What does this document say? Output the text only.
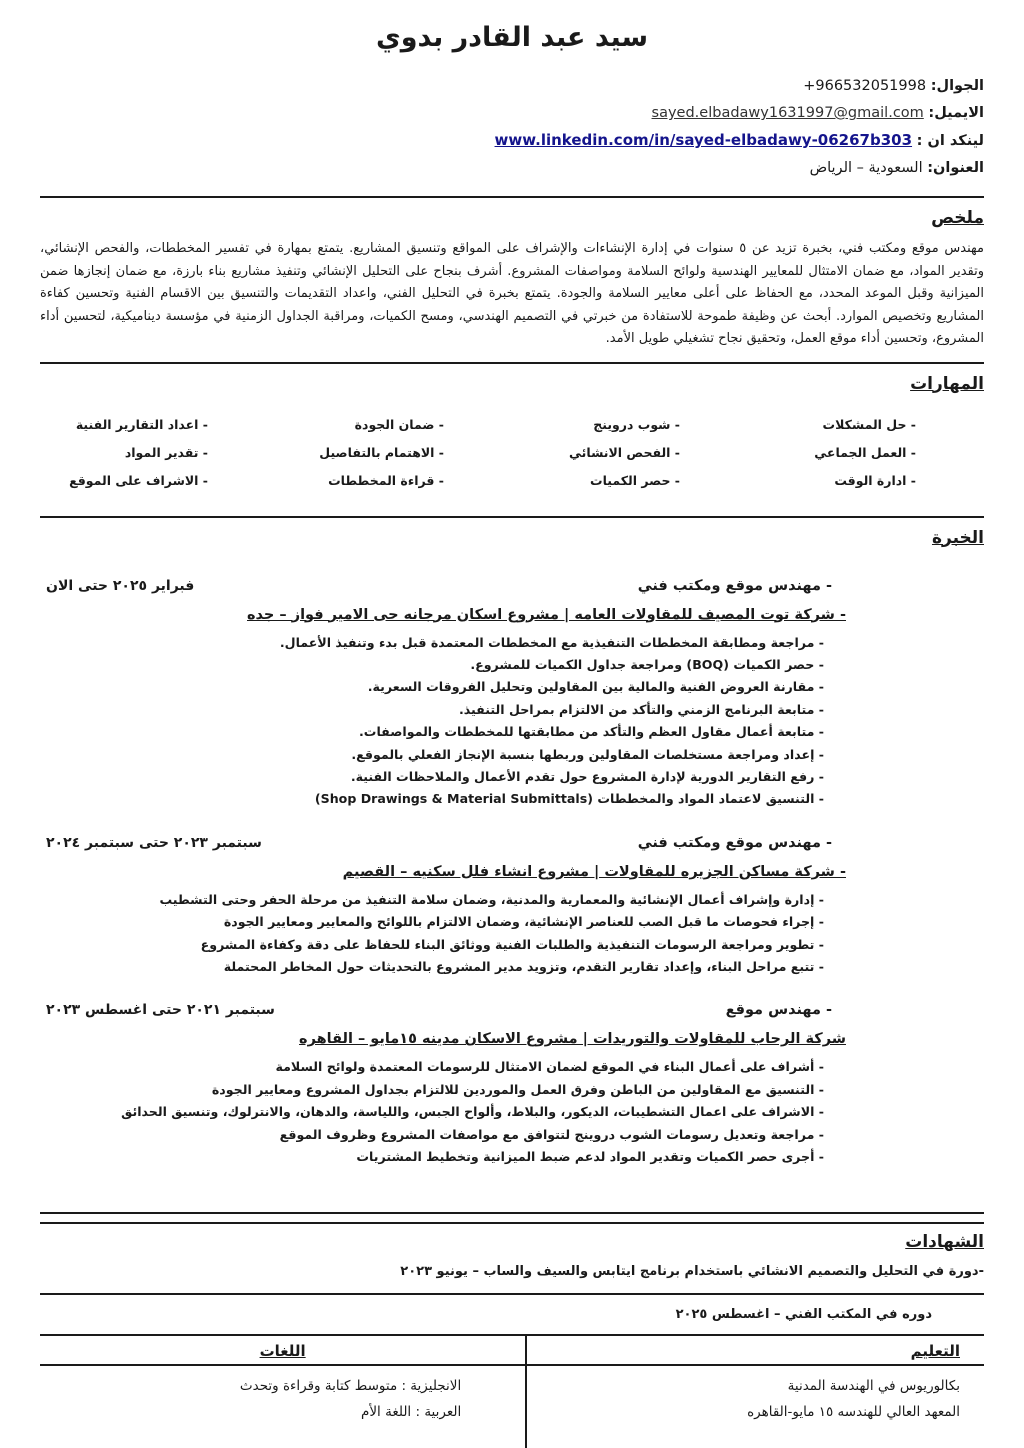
سيد عبد القادر بدوي
الجوال: +966532051998
الايميل: sayed.elbadawy1631997@gmail.com
لينكد ان : www.linkedin.com/in/sayed-elbadawy-06267b303
العنوان: السعودية – الرياض
ملخص

مهندس موقع ومكتب فني، بخبرة تزيد عن ٥ سنوات في إدارة الإنشاءات والإشراف على المواقع وتنسيق المشاريع. يتمتع بمهارة في تفسير المخططات، والفحص الإنشائي، وتقدير المواد، مع ضمان الامتثال للمعايير الهندسية ولوائح السلامة ومواصفات المشروع. أشرف بنجاح على التحليل الإنشائي وتنفيذ مشاريع بناء بارزة، مع ضمان إنجازها ضمن الميزانية وقبل الموعد المحدد، مع الحفاظ على أعلى معايير السلامة والجودة. يتمتع بخبرة في التحليل الفني، واعداد التقديمات والتنسيق بين الاقسام الفنية وتحسين كفاءة المشاريع وتخصيص الموارد. أبحث عن وظيفة طموحة للاستفادة من خبرتي في التصميم الهندسي، ومسح الكميات، ومراقبة الجداول الزمنية في مؤسسة ديناميكية، لتحسين أداء المشروع، وتحسين أداء موقع العمل، وتحقيق نجاح تشغيلي طويل الأمد.

المهارات
- حل المشكلات
- شوب دروينج
- ضمان الجودة
- اعداد التقارير الفنية
- العمل الجماعي
- الفحص الانشائي
- الاهتمام بالتفاصيل
- تقدير المواد
- ادارة الوقت
- حصر الكميات
- قراءة المخططات
- الاشراف على الموقع
الخبرة
- مهندس موقع ومكتب فني
فبراير ٢٠٢٥ حتى الان
- شركة توت المصيف للمقاولات العامه | مشروع اسكان مرجانه حى الامير فواز – جده
- مراجعة ومطابقة المخططات التنفيذية مع المخططات المعتمدة قبل بدء وتنفيذ الأعمال.
- حصر الكميات (BOQ) ومراجعة جداول الكميات للمشروع.
- مقارنة العروض الفنية والمالية بين المقاولين وتحليل الفروقات السعرية.
- متابعة البرنامج الزمني والتأكد من الالتزام بمراحل التنفيذ.
- متابعة أعمال مقاول العظم والتأكد من مطابقتها للمخططات والمواصفات.
- إعداد ومراجعة مستخلصات المقاولين وربطها بنسبة الإنجاز الفعلي بالموقع.
- رفع التقارير الدورية لإدارة المشروع حول تقدم الأعمال والملاحظات الفنية.
- التنسيق لاعتماد المواد والمخططات (Shop Drawings & Material Submittals)
- مهندس موقع ومكتب فني
سبتمبر ٢٠٢٣ حتى سبتمبر ٢٠٢٤
- شركة مساكن الجزيره للمقاولات | مشروع انشاء فلل سكنيه – القصيم
- إدارة وإشراف أعمال الإنشائية والمعمارية والمدنية، وضمان سلامة التنفيذ من مرحلة الحفر وحتى التشطيب
- إجراء فحوصات ما قبل الصب للعناصر الإنشائية، وضمان الالتزام باللوائح والمعايير ومعايير الجودة
- تطوير ومراجعة الرسومات التنفيذية والطلبات الفنية ووثائق البناء للحفاظ على دقة وكفاءة المشروع
- تتبع مراحل البناء، وإعداد تقارير التقدم، وتزويد مدير المشروع بالتحديثات حول المخاطر المحتملة
- مهندس موقع
سبتمبر ٢٠٢١ حتى اغسطس ٢٠٢٣
شركة الرحاب للمقاولات والتوريدات | مشروع الاسكان مدينه ١٥مايو – القاهره
- أشراف على أعمال البناء في الموقع لضمان الامتثال للرسومات المعتمدة ولوائح السلامة
- التنسيق مع المقاولين من الباطن وفرق العمل والموردين للالتزام بجداول المشروع ومعايير الجودة
- الاشراف على اعمال التشطيبات، الديكور، والبلاط، وألواح الجبس، واللياسة، والدهان، والانترلوك، وتنسيق الحدائق
- مراجعة وتعديل رسومات الشوب دروينج لتتوافق مع مواصفات المشروع وظروف الموقع
- أجرى حصر الكميات وتقدير المواد لدعم ضبط الميزانية وتخطيط المشتريات
الشهادات
-دورة في التحليل والتصميم الانشائي باستخدام برنامج ايتابس والسيف والساب – يونيو ٢٠٢٣
دوره في المكتب الفني – اغسطس ٢٠٢٥
التعليم
بكالوريوس في الهندسة المدنية
المعهد العالي للهندسه ١٥ مايو-القاهره
اللغات
الانجليزية : متوسط كتابة وقراءة وتحدث
العربية : اللغة الأم
